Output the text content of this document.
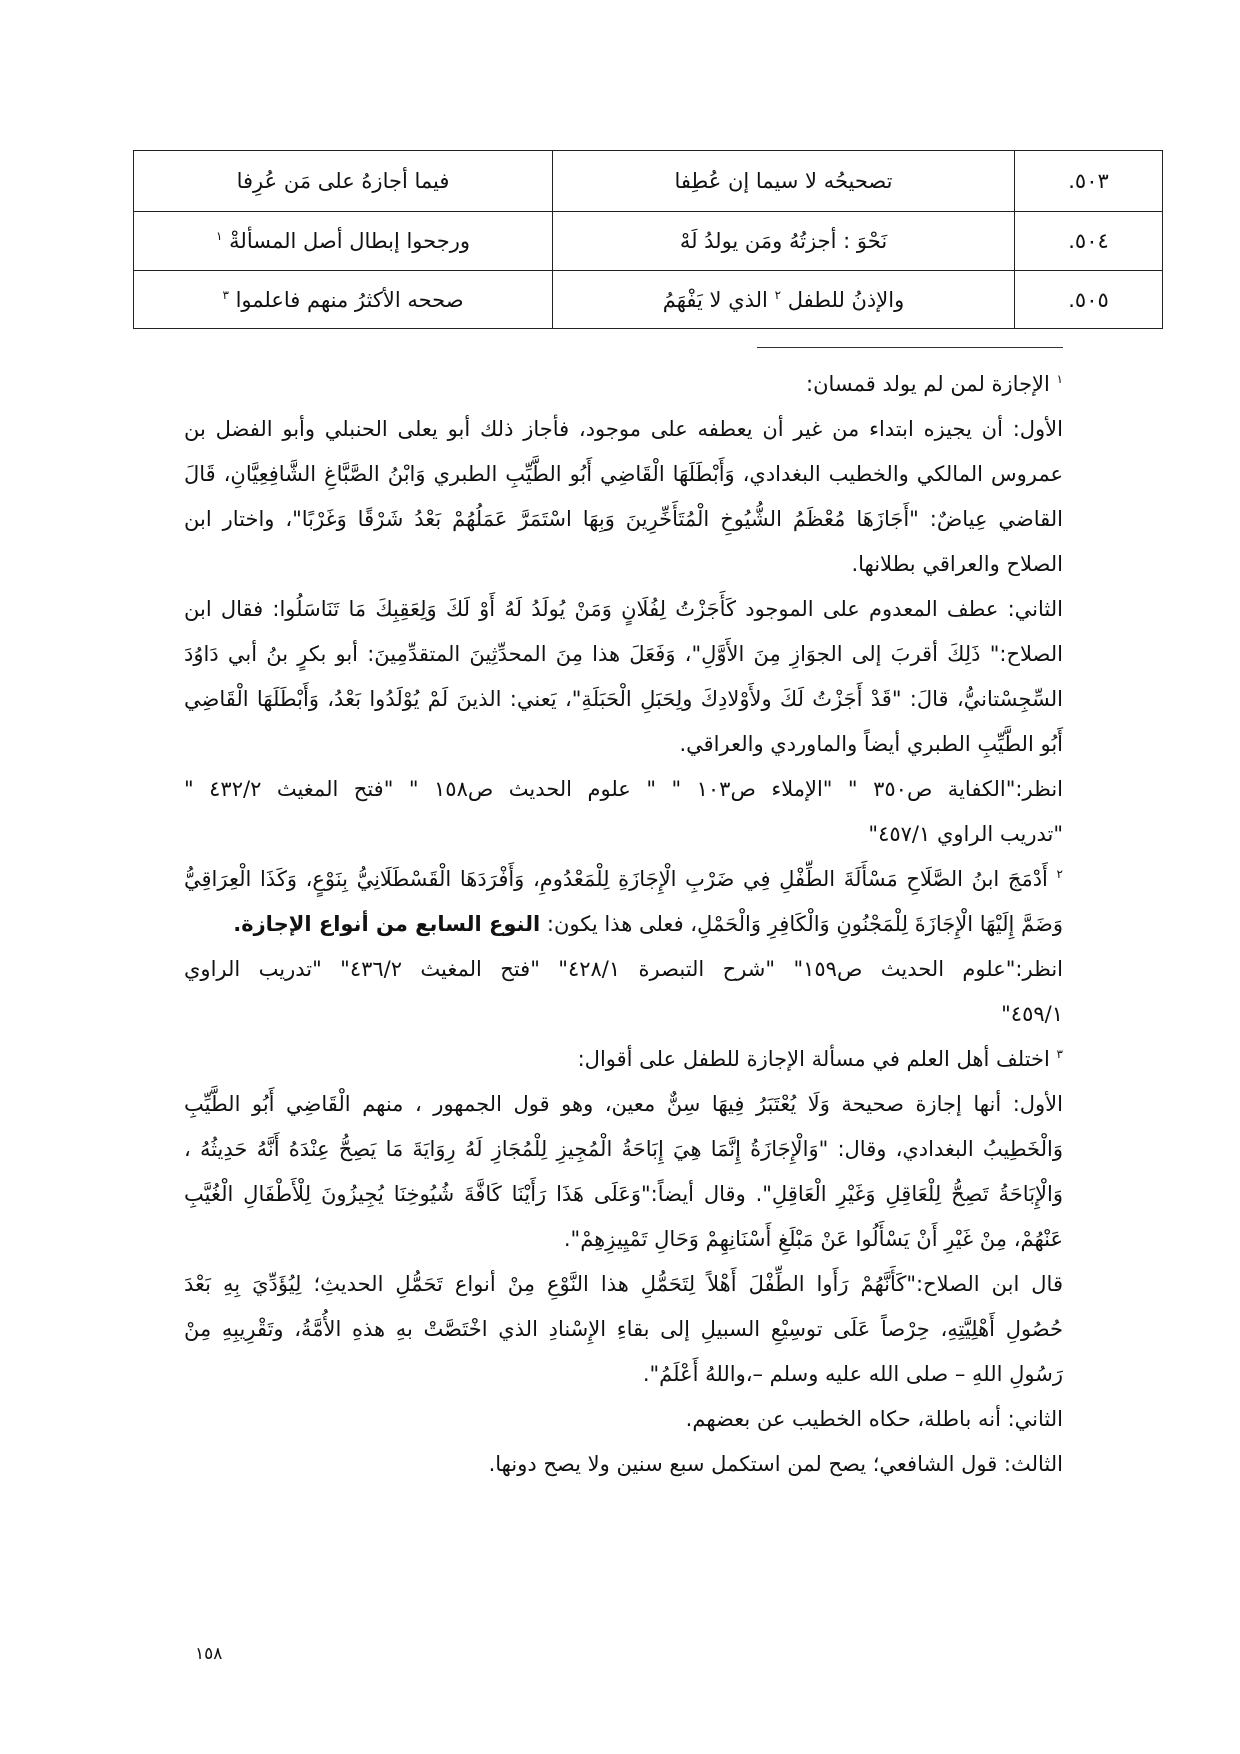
٥٠٣.	تصحيحُه لا سيما إن عُطِفا	فيما أجازهُ على مَن عُرِفا
٥٠٤.	نَحْوَ : أجزتُهُ ومَن يولدُ لَهْ	ورجحوا إبطال أصل المسألةْ $^١$
٥٠٥.	والإذنُ للطفل $^٢$ الذي لا يَفْهَمُ	صححه الأكثرُ منهم فاعلموا $^٣$
$^١$ الإجازة لمن لم يولد قمسان:
الأول: أن يجيزه ابتداء من غير أن يعطفه على موجود، فأجاز ذلك أبو يعلى الحنبلي وأبو الفضل بن
عمروس المالكي والخطيب البغدادي، وَأَبْطَلَهَا الْقَاضِي أَبُو الطَّيِّبِ الطبري وَابْنُ الصَّبَّاغِ الشَّافِعِيَّانِ، قَالَ
القاضي عِياضٌ: "أَجَازَهَا مُعْظَمُ الشُّيُوخِ الْمُتَأَخِّرِينَ وَبِهَا اسْتَمَرَّ عَمَلُهُمْ بَعْدُ شَرْقًا وَغَرْبًا"، واختار ابن
الصلاح والعراقي بطلانها.
الثاني: عطف المعدوم على الموجود كَأَجَزْتُ لِفُلَانٍ وَمَنْ يُولَدُ لَهُ أَوْ لَكَ وَلِعَقِبِكَ مَا تَنَاسَلُوا: فقال ابن
الصلاح:" ذَلِكَ أقربَ إلى الجوَازِ مِنَ الأَوَّلِ"، وَفَعَلَ هذا مِنَ المحدِّثِينَ المتقدِّمِينَ: أبو بكرٍ بنُ أبي دَاوُدَ
السِّجِسْتانيُّ، قالَ: "قَدْ أَجَزْتُ لَكَ ولأَوْلادِكَ ولِحَبَلِ الْحَبَلَةِ"، يَعني: الذينَ لَمْ يُوْلَدُوا بَعْدُ، وَأَبْطَلَهَا الْقَاضِي
أَبُو الطَّيِّبِ الطبري أيضاً والماوردي والعراقي.
انظر:"الكفاية ص٣٥٠ " "الإملاء ص١٠٣ " " علوم الحديث ص١٥٨ " "فتح المغيث ٤٣٢/٢ "
"تدريب الراوي ٤٥٧/١"
$^٢$ أَدْمَجَ ابنُ الصَّلَاحِ مَسْأَلَةَ الطِّفْلِ فِي ضَرْبِ الْإِجَازَةِ لِلْمَعْدُومِ، وَأَفْرَدَهَا الْقَسْطَلَانِيُّ بِنَوْعٍ، وَكَذَا الْعِرَاقِيُّ
وَضَمَّ إِلَيْهَا الْإِجَازَةَ لِلْمَجْنُونِ وَالْكَافِرِ وَالْحَمْلِ، فعلى هذا يكون: النوع السابع من أنواع الإجازة.
انظر:"علوم الحديث ص١٥٩" "شرح التبصرة ٤٢٨/١" "فتح المغيث ٤٣٦/٢" "تدريب الراوي
٤٥٩/١"
$^٣$ اختلف أهل العلم في مسألة الإجازة للطفل على أقوال:
الأول: أنها إجازة صحيحة وَلَا يُعْتَبَرُ فِيهَا سِنٌّ معين، وهو قول الجمهور ، منهم الْقَاضِي أَبُو الطَّيِّبِ
وَالْخَطِيبُ البغدادي، وقال: "وَالْإِجَازَةُ إِنَّمَا هِيَ إِبَاحَةُ الْمُجِيزِ لِلْمُجَازِ لَهُ رِوَايَةَ مَا يَصِحُّ عِنْدَهُ أَنَّهُ حَدِيثُهُ ،
وَالْإِبَاحَةُ تَصِحُّ لِلْعَاقِلِ وَغَيْرِ الْعَاقِلِ". وقال أيضاً:"وَعَلَى هَذَا رَأَيْنَا كَافَّةَ شُيُوخِنَا يُجِيزُونَ لِلْأَطْفَالِ الْغُيَّبِ
عَنْهُمْ، مِنْ غَيْرِ أَنْ يَسْأَلُوا عَنْ مَبْلَغِ أَسْنَانِهِمْ وَحَالِ تَمْيِيزِهِمْ".
قال ابن الصلاح:"كَأَنَّهُمْ رَأَوا الطِّفْلَ أَهْلاً لِتَحَمُّلِ هذا النَّوْعِ مِنْ أنواع تَحَمُّلِ الحديثِ؛ لِيُؤَدِّيَ بِهِ بَعْدَ
حُصُولِ أَهْلِيَّتِهِ، حِرْصاً عَلَى توسِيْعِ السبيلِ إلى بقاءِ الإِسْنادِ الذي اخْتَصَّتْ بهِ هذهِ الأُمَّةُ، وتَقْرِيبِهِ مِنْ
رَسُولِ اللهِ – صلى الله عليه وسلم –،واللهُ أَعْلَمُ".
الثاني: أنه باطلة، حكاه الخطيب عن بعضهم.
الثالث: قول الشافعي؛ يصح لمن استكمل سبع سنين ولا يصح دونها.
١٥٨
